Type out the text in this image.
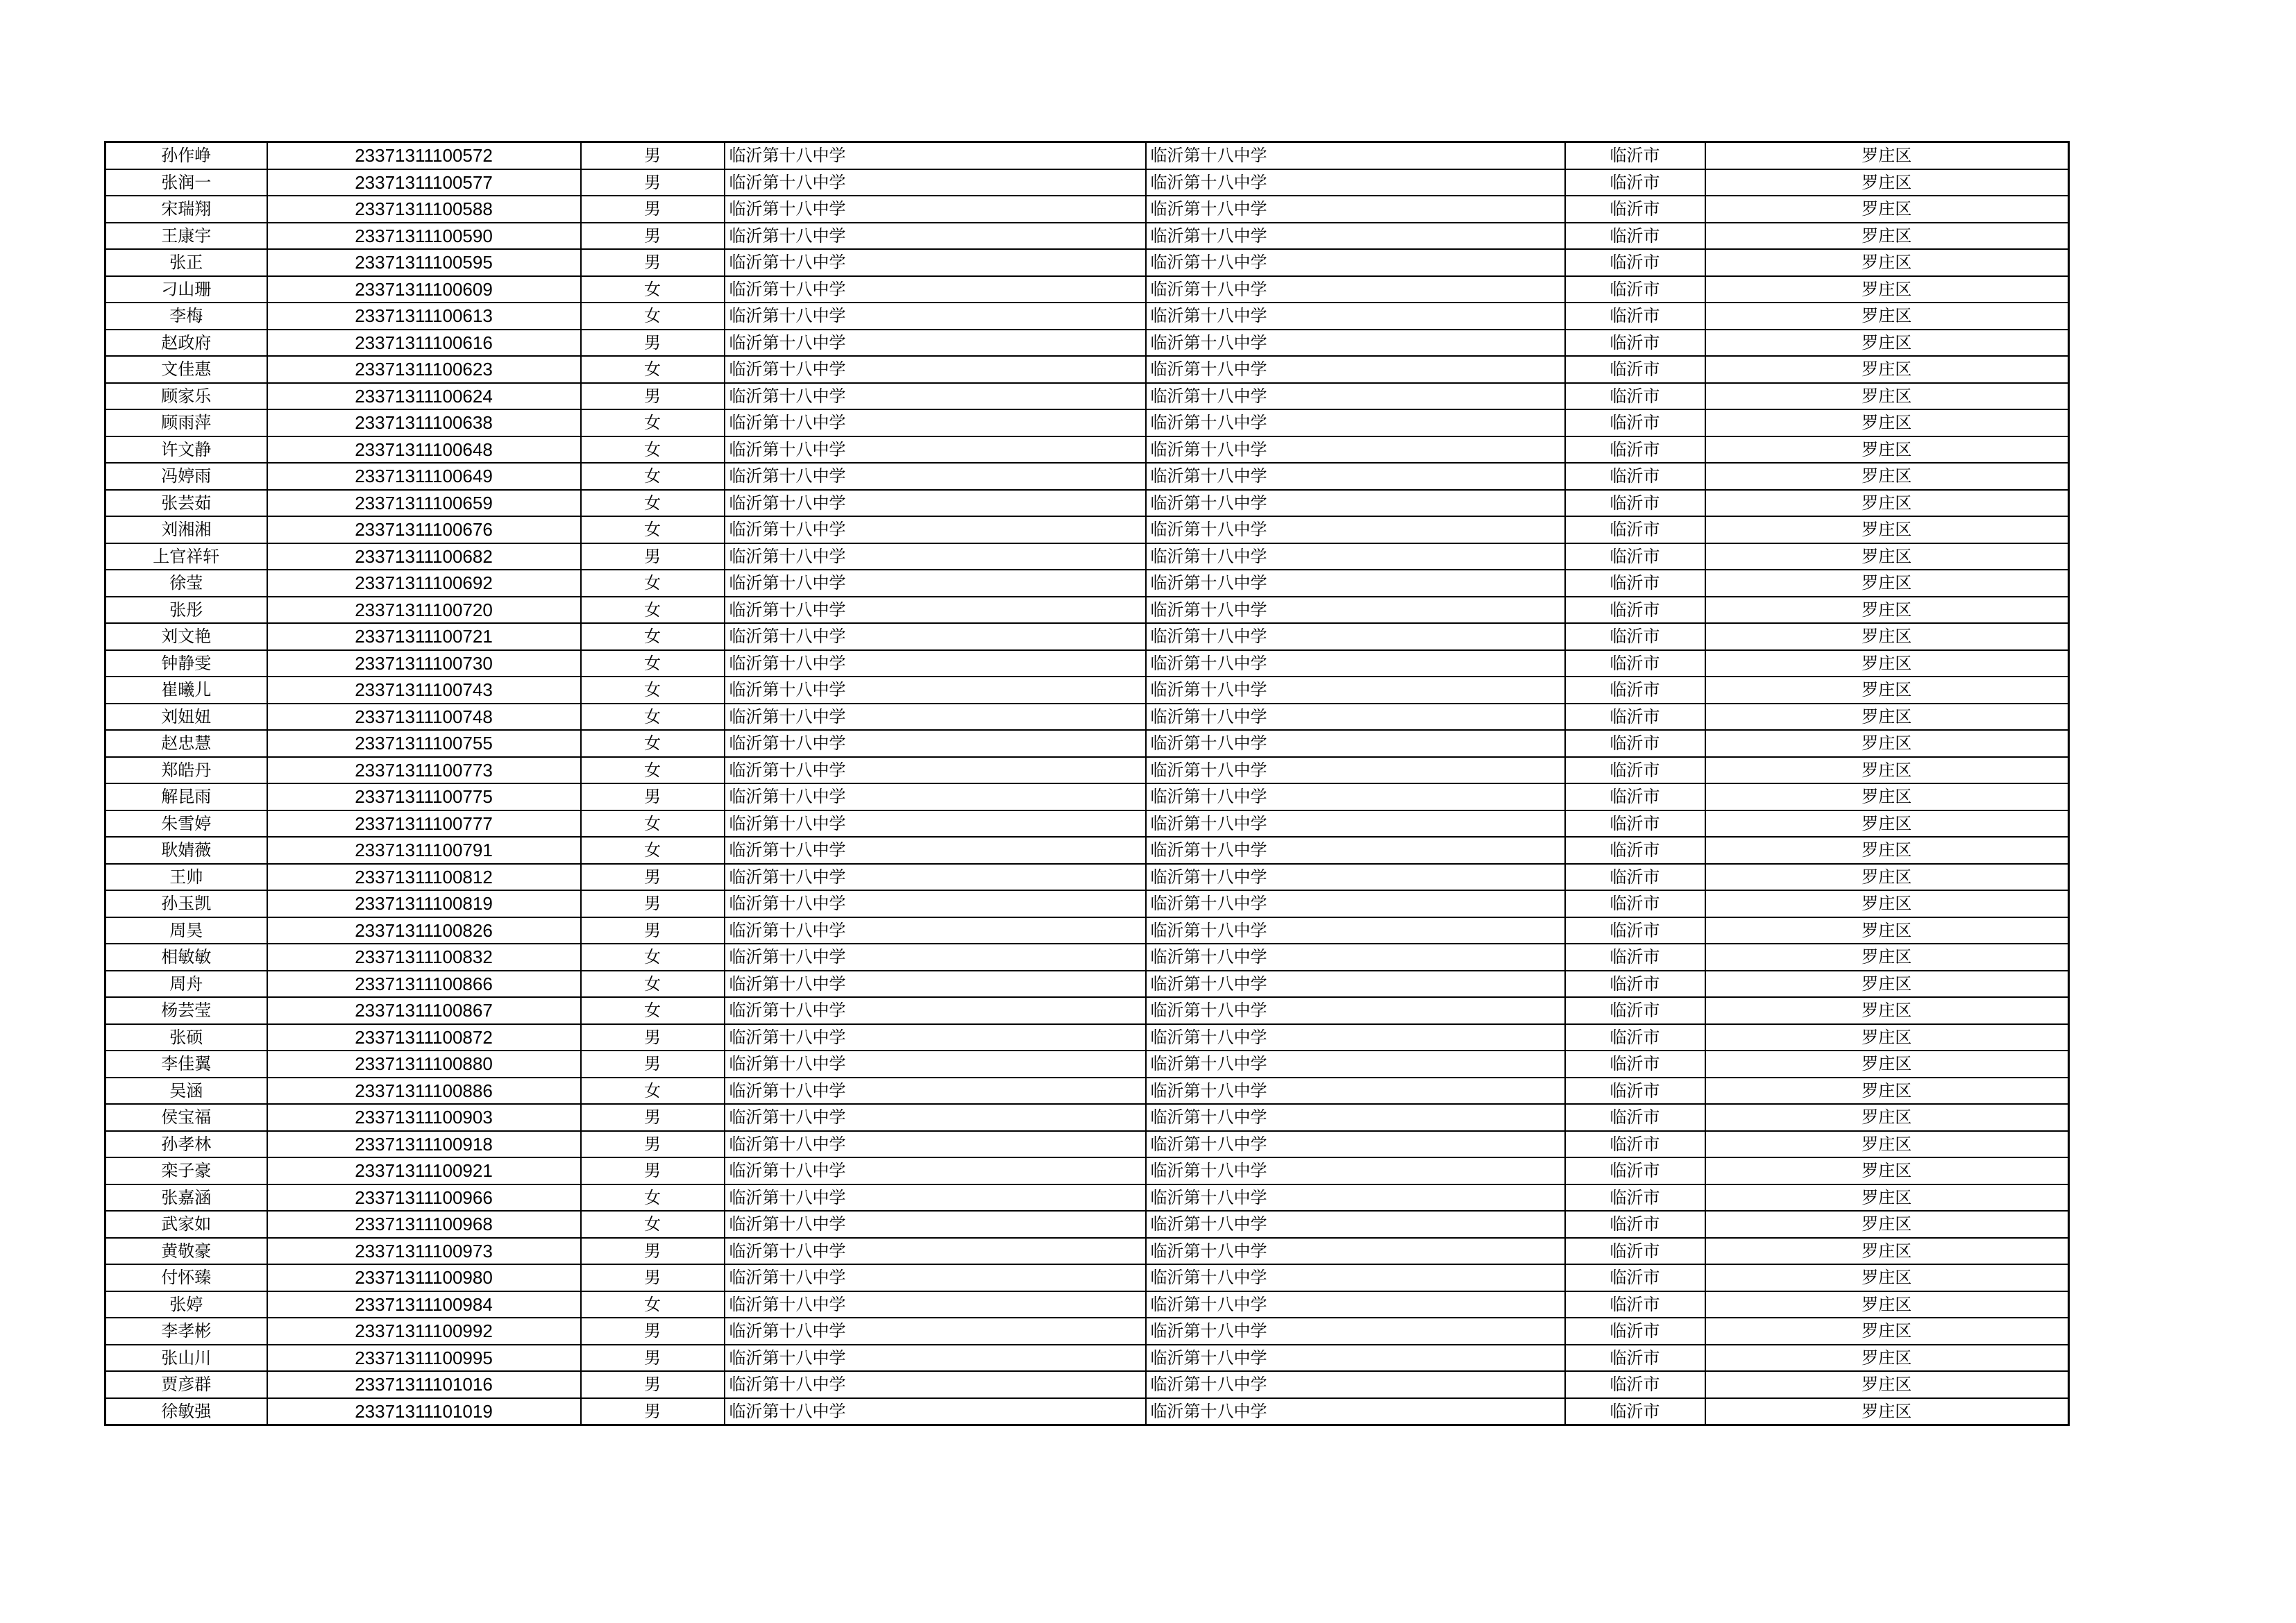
孙作峥	23371311100572	男	临沂第十八中学	临沂第十八中学	临沂市	罗庄区
张润一	23371311100577	男	临沂第十八中学	临沂第十八中学	临沂市	罗庄区
宋瑞翔	23371311100588	男	临沂第十八中学	临沂第十八中学	临沂市	罗庄区
王康宇	23371311100590	男	临沂第十八中学	临沂第十八中学	临沂市	罗庄区
张正	23371311100595	男	临沂第十八中学	临沂第十八中学	临沂市	罗庄区
刁山珊	23371311100609	女	临沂第十八中学	临沂第十八中学	临沂市	罗庄区
李梅	23371311100613	女	临沂第十八中学	临沂第十八中学	临沂市	罗庄区
赵政府	23371311100616	男	临沂第十八中学	临沂第十八中学	临沂市	罗庄区
文佳惠	23371311100623	女	临沂第十八中学	临沂第十八中学	临沂市	罗庄区
顾家乐	23371311100624	男	临沂第十八中学	临沂第十八中学	临沂市	罗庄区
顾雨萍	23371311100638	女	临沂第十八中学	临沂第十八中学	临沂市	罗庄区
许文静	23371311100648	女	临沂第十八中学	临沂第十八中学	临沂市	罗庄区
冯婷雨	23371311100649	女	临沂第十八中学	临沂第十八中学	临沂市	罗庄区
张芸茹	23371311100659	女	临沂第十八中学	临沂第十八中学	临沂市	罗庄区
刘湘湘	23371311100676	女	临沂第十八中学	临沂第十八中学	临沂市	罗庄区
上官祥轩	23371311100682	男	临沂第十八中学	临沂第十八中学	临沂市	罗庄区
徐莹	23371311100692	女	临沂第十八中学	临沂第十八中学	临沂市	罗庄区
张彤	23371311100720	女	临沂第十八中学	临沂第十八中学	临沂市	罗庄区
刘文艳	23371311100721	女	临沂第十八中学	临沂第十八中学	临沂市	罗庄区
钟静雯	23371311100730	女	临沂第十八中学	临沂第十八中学	临沂市	罗庄区
崔曦儿	23371311100743	女	临沂第十八中学	临沂第十八中学	临沂市	罗庄区
刘妞妞	23371311100748	女	临沂第十八中学	临沂第十八中学	临沂市	罗庄区
赵忠慧	23371311100755	女	临沂第十八中学	临沂第十八中学	临沂市	罗庄区
郑皓丹	23371311100773	女	临沂第十八中学	临沂第十八中学	临沂市	罗庄区
解昆雨	23371311100775	男	临沂第十八中学	临沂第十八中学	临沂市	罗庄区
朱雪婷	23371311100777	女	临沂第十八中学	临沂第十八中学	临沂市	罗庄区
耿婧薇	23371311100791	女	临沂第十八中学	临沂第十八中学	临沂市	罗庄区
王帅	23371311100812	男	临沂第十八中学	临沂第十八中学	临沂市	罗庄区
孙玉凯	23371311100819	男	临沂第十八中学	临沂第十八中学	临沂市	罗庄区
周昊	23371311100826	男	临沂第十八中学	临沂第十八中学	临沂市	罗庄区
相敏敏	23371311100832	女	临沂第十八中学	临沂第十八中学	临沂市	罗庄区
周舟	23371311100866	女	临沂第十八中学	临沂第十八中学	临沂市	罗庄区
杨芸莹	23371311100867	女	临沂第十八中学	临沂第十八中学	临沂市	罗庄区
张硕	23371311100872	男	临沂第十八中学	临沂第十八中学	临沂市	罗庄区
李佳翼	23371311100880	男	临沂第十八中学	临沂第十八中学	临沂市	罗庄区
吴涵	23371311100886	女	临沂第十八中学	临沂第十八中学	临沂市	罗庄区
侯宝福	23371311100903	男	临沂第十八中学	临沂第十八中学	临沂市	罗庄区
孙孝林	23371311100918	男	临沂第十八中学	临沂第十八中学	临沂市	罗庄区
栾子豪	23371311100921	男	临沂第十八中学	临沂第十八中学	临沂市	罗庄区
张嘉涵	23371311100966	女	临沂第十八中学	临沂第十八中学	临沂市	罗庄区
武家如	23371311100968	女	临沂第十八中学	临沂第十八中学	临沂市	罗庄区
黄敬豪	23371311100973	男	临沂第十八中学	临沂第十八中学	临沂市	罗庄区
付怀臻	23371311100980	男	临沂第十八中学	临沂第十八中学	临沂市	罗庄区
张婷	23371311100984	女	临沂第十八中学	临沂第十八中学	临沂市	罗庄区
李孝彬	23371311100992	男	临沂第十八中学	临沂第十八中学	临沂市	罗庄区
张山川	23371311100995	男	临沂第十八中学	临沂第十八中学	临沂市	罗庄区
贾彦群	23371311101016	男	临沂第十八中学	临沂第十八中学	临沂市	罗庄区
徐敏强	23371311101019	男	临沂第十八中学	临沂第十八中学	临沂市	罗庄区
